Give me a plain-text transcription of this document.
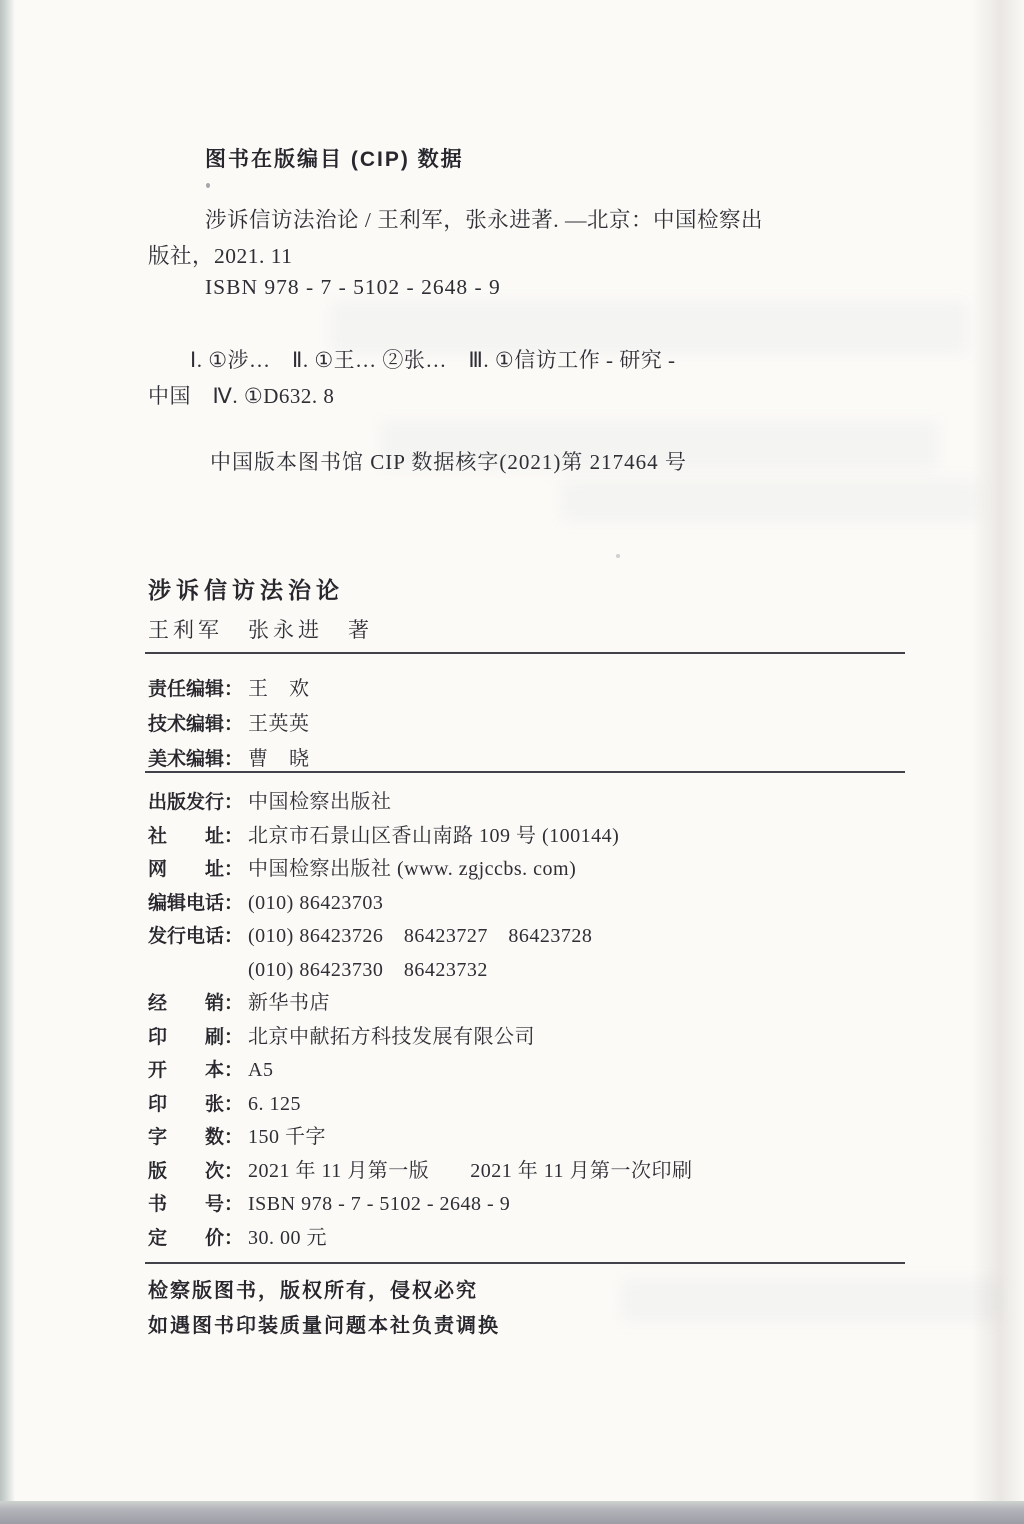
图书在版编目 (CIP) 数据
涉诉信访法治论 / 王利军，张永进著. —北京：中国检察出
版社，2021. 11
ISBN 978 - 7 - 5102 - 2648 - 9
Ⅰ. ①涉…　Ⅱ. ①王… ②张…　Ⅲ. ①信访工作 - 研究 -
中国　Ⅳ. ①D632. 8
中国版本图书馆 CIP 数据核字(2021)第 217464 号
涉诉信访法治论
王利军　张永进　著
责任编辑： 王　欢
技术编辑： 王英英
美术编辑： 曹　晓
出版发行： 中国检察出版社
社　　址： 北京市石景山区香山南路 109 号 (100144)
网　　址： 中国检察出版社 (www. zgjccbs. com)
编辑电话： (010) 86423703
发行电话： (010) 86423726　86423727　86423728
(010) 86423730　86423732
经　　销： 新华书店
印　　刷： 北京中献拓方科技发展有限公司
开　　本： A5
印　　张： 6. 125
字　　数： 150 千字
版　　次： 2021 年 11 月第一版　　2021 年 11 月第一次印刷
书　　号： ISBN 978 - 7 - 5102 - 2648 - 9
定　　价： 30. 00 元
检察版图书，版权所有，侵权必究
如遇图书印装质量问题本社负责调换
